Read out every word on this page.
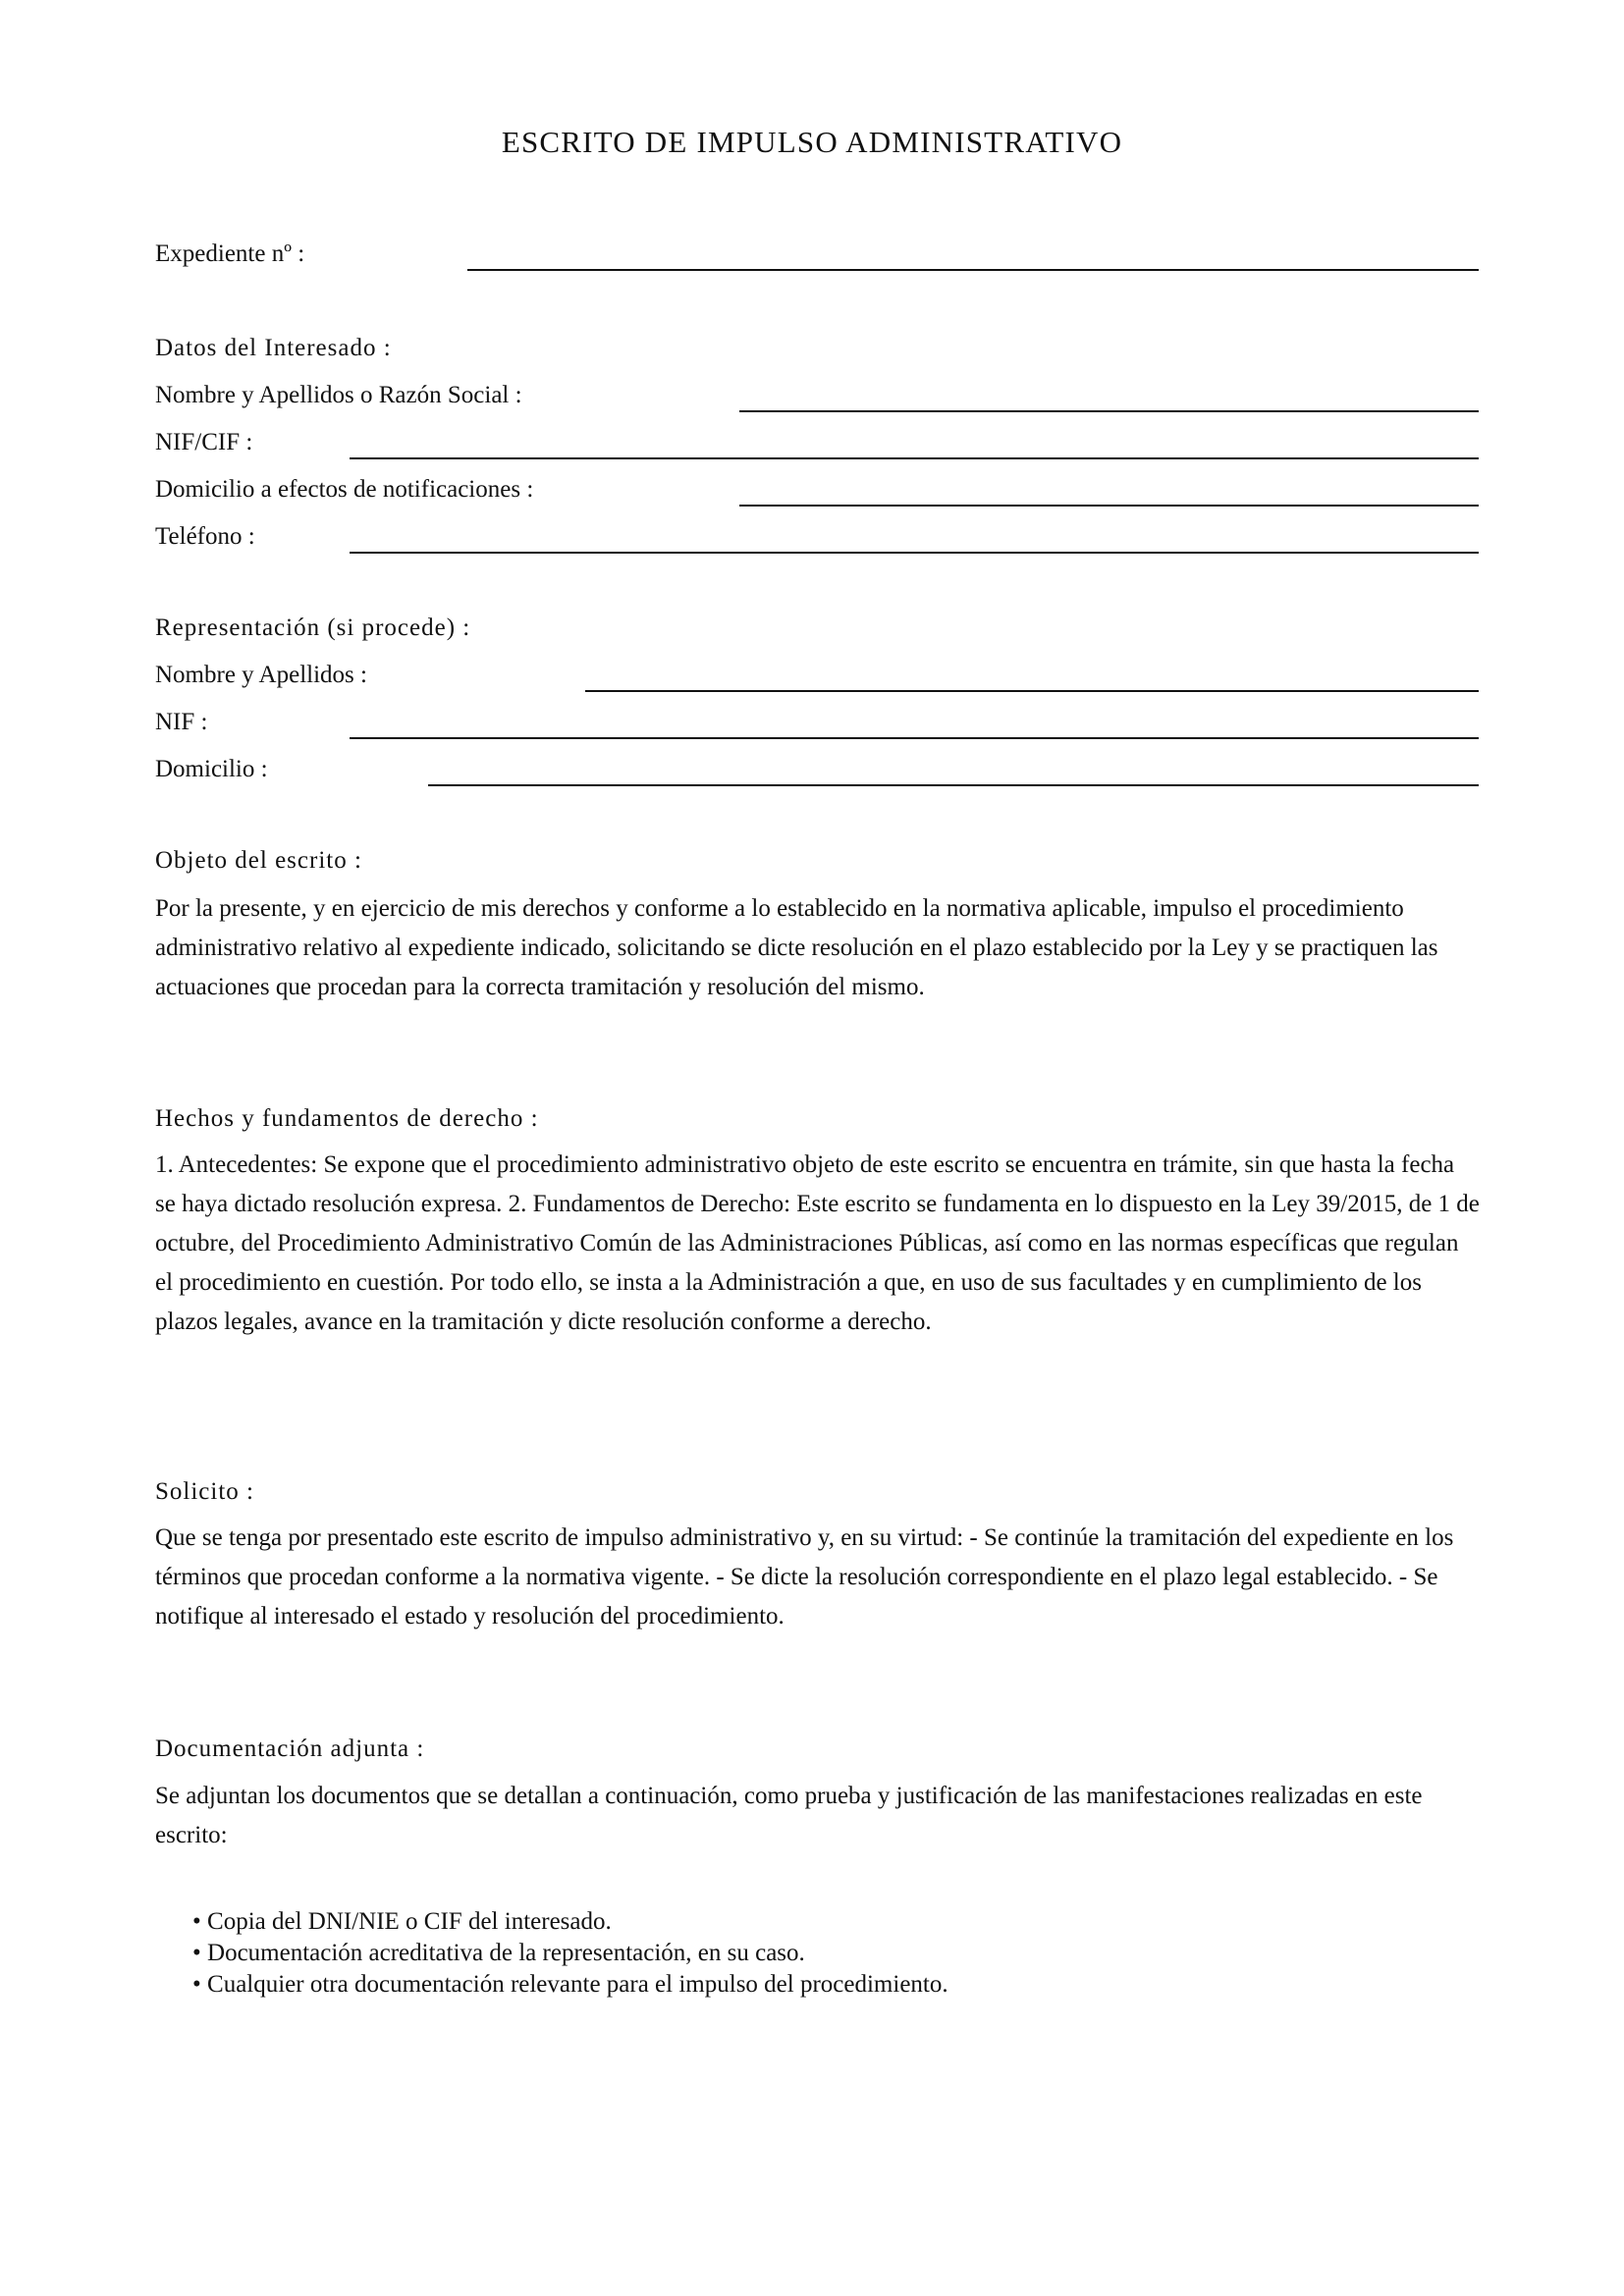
ESCRITO DE IMPULSO ADMINISTRATIVO
Expediente nº :
Datos del Interesado :
Nombre y Apellidos o Razón Social :
NIF/CIF :
Domicilio a efectos de notificaciones :
Teléfono :
Representación (si procede) :
Nombre y Apellidos :
NIF :
Domicilio :
Objeto del escrito :
Por la presente, y en ejercicio de mis derechos y conforme a lo establecido en la normativa aplicable, impulso el procedimiento administrativo relativo al expediente indicado, solicitando se dicte resolución en el plazo establecido por la Ley y se practiquen las actuaciones que procedan para la correcta tramitación y resolución del mismo.
Hechos y fundamentos de derecho :
1. Antecedentes: Se expone que el procedimiento administrativo objeto de este escrito se encuentra en trámite, sin que hasta la fecha se haya dictado resolución expresa. 2. Fundamentos de Derecho: Este escrito se fundamenta en lo dispuesto en la Ley 39/2015, de 1 de octubre, del Procedimiento Administrativo Común de las Administraciones Públicas, así como en las normas específicas que regulan el procedimiento en cuestión. Por todo ello, se insta a la Administración a que, en uso de sus facultades y en cumplimiento de los plazos legales, avance en la tramitación y dicte resolución conforme a derecho.
Solicito :
Que se tenga por presentado este escrito de impulso administrativo y, en su virtud: - Se continúe la tramitación del expediente en los términos que procedan conforme a la normativa vigente. - Se dicte la resolución correspondiente en el plazo legal establecido. - Se notifique al interesado el estado y resolución del procedimiento.
Documentación adjunta :
Se adjuntan los documentos que se detallan a continuación, como prueba y justificación de las manifestaciones realizadas en este escrito:
• Copia del DNI/NIE o CIF del interesado.
• Documentación acreditativa de la representación, en su caso.
• Cualquier otra documentación relevante para el impulso del procedimiento.
